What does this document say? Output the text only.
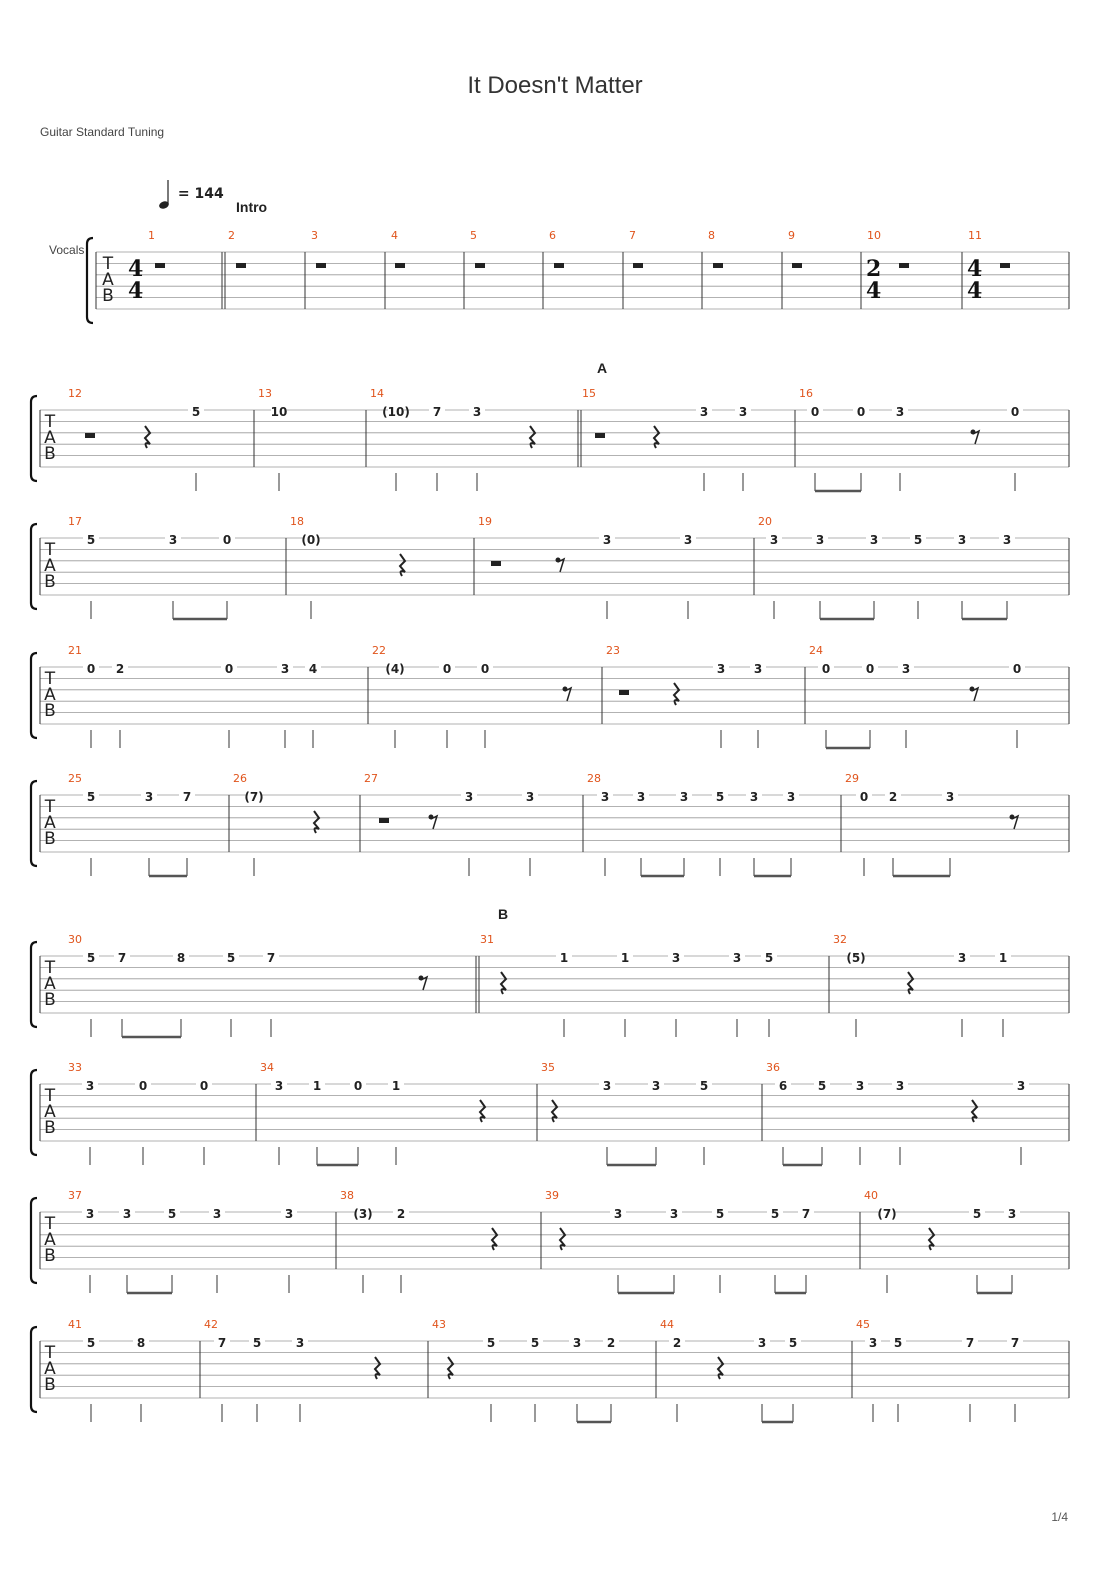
It Doesn't Matter
Guitar Standard Tuning
= 144
Intro
A
B
Vocals
1/4
T
A
B
1	2	3	4	5	6	7	8	9	10	11
4
4
2
4
4
4
T
A
B
12	13	14	15	16
5	10	(10) 7	3	3	3	0	0	3	0
T
A
B
17	18	19	20
5	3	0	(0)	3	3	3	3	3	5	3	3
T
A
B
21	22	23	24
0 2	0	3 4	(4)	0 0	3 3	0	0 3	0
T
A
B
25	26	27	28	29
5	3 7	(7)	3	3	3 3	3 5 3 3	0 2	3
T
A
B
30	31	32
5 7	8	5	7	1	1	3	3 5	(5)	3	1
T
A
B
33	34	35	36
3	0	0	3 1	0 1	3	3	5	6	5 3	3	3
T
A
B
37	38	39	40
3 3	5	3	3	(3) 2	3	3	5	5 7	(7)	5 3
T
A
B
41	42	43	44	45
5	8	7 5	3	5	5	3 2	2	3 5	3 5	7	7
